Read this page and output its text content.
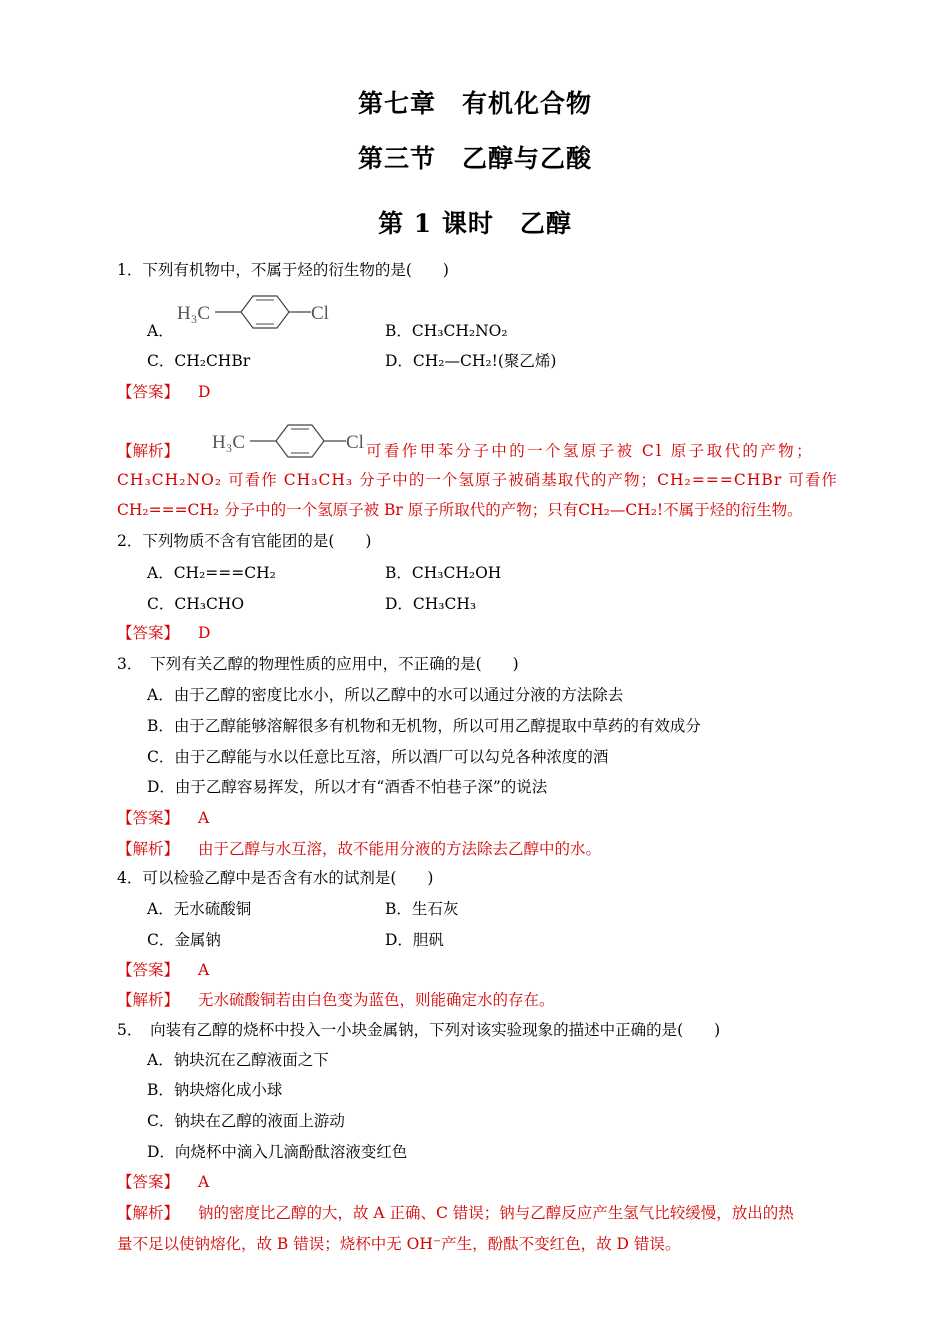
第七章　有机化合物
第三节　乙醇与乙酸
第 1 课时　乙醇
1．下列有机物中，不属于烃的衍生物的是(　　)
H₃C	Cl
A．	B．CH₃CH₂NO₂
C．CH₂CHBr	D．CH₂—CH₂!(聚乙烯)
【答案】 D
【解析】 H₃C	Cl 可看作甲苯分子中的一个氢原子被 Cl 原子取代的产物；
CH₃CH₂NO₂ 可看作 CH₃CH₃ 分子中的一个氢原子被硝基取代的产物；CH₂===CHBr 可看作
CH₂===CH₂ 分子中的一个氢原子被 Br 原子所取代的产物；只有CH₂—CH₂!不属于烃的衍生物。
2．下列物质不含有官能团的是(　　)
A．CH₂===CH₂	B．CH₃CH₂OH
C．CH₃CHO	D．CH₃CH₃
【答案】 D
3．　下列有关乙醇的物理性质的应用中，不正确的是(　　)
A．由于乙醇的密度比水小，所以乙醇中的水可以通过分液的方法除去
B．由于乙醇能够溶解很多有机物和无机物，所以可用乙醇提取中草药的有效成分
C．由于乙醇能与水以任意比互溶，所以酒厂可以勾兑各种浓度的酒
D．由于乙醇容易挥发，所以才有“酒香不怕巷子深”的说法
【答案】 A
【解析】 由于乙醇与水互溶，故不能用分液的方法除去乙醇中的水。
4．可以检验乙醇中是否含有水的试剂是(　　)
A．无水硫酸铜	B．生石灰
C．金属钠	D．胆矾
【答案】 A
【解析】 无水硫酸铜若由白色变为蓝色，则能确定水的存在。
5．　向装有乙醇的烧杯中投入一小块金属钠，下列对该实验现象的描述中正确的是(　　)
A．钠块沉在乙醇液面之下
B．钠块熔化成小球
C．钠块在乙醇的液面上游动
D．向烧杯中滴入几滴酚酞溶液变红色
【答案】 A
【解析】 钠的密度比乙醇的大，故 A 正确、C 错误；钠与乙醇反应产生氢气比较缓慢，放出的热
量不足以使钠熔化，故 B 错误；烧杯中无 OH⁻产生，酚酞不变红色，故 D 错误。
